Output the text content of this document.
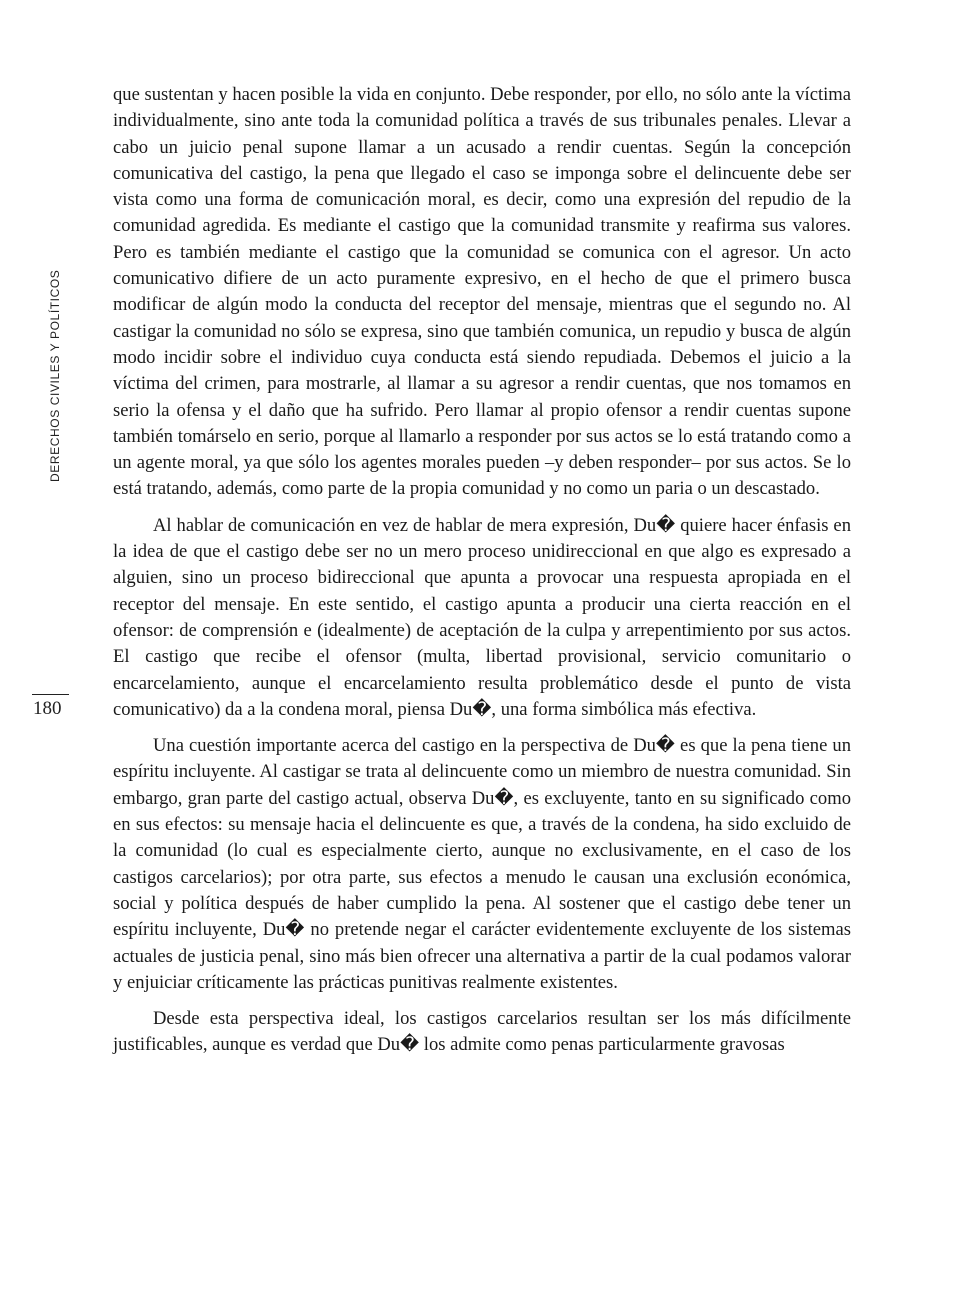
DERECHOS CIVILES Y POLÍTICOS
180

que sustentan y hacen posible la vida en conjunto. Debe responder, por ello, no sólo ante la víctima individualmente, sino ante toda la comunidad política a través de sus tribunales penales. Llevar a cabo un juicio penal supone llamar a un acusado a rendir cuentas. Según la concepción comunicativa del castigo, la pena que llegado el caso se imponga sobre el delincuente debe ser vista como una forma de comunicación moral, es decir, como una expresión del repudio de la comunidad agredida. Es mediante el castigo que la comunidad transmite y reafirma sus valores. Pero es también mediante el castigo que la comunidad se comunica con el agresor. Un acto comunicativo difiere de un acto puramente expresivo, en el hecho de que el primero busca modificar de algún modo la conducta del receptor del mensaje, mientras que el segundo no. Al castigar la comunidad no sólo se expresa, sino que también comunica, un repudio y busca de algún modo incidir sobre el individuo cuya conducta está siendo repudiada. Debemos el juicio a la víctima del crimen, para mostrarle, al llamar a su agresor a rendir cuentas, que nos tomamos en serio la ofensa y el daño que ha sufrido. Pero llamar al propio ofensor a rendir cuentas supone también tomárselo en serio, porque al llamarlo a responder por sus actos se lo está tratando como a un agente moral, ya que sólo los agentes morales pueden –y deben responder– por sus actos. Se lo está tratando, además, como parte de la propia comunidad y no como un paria o un descastado.

Al hablar de comunicación en vez de hablar de mera expresión, Du� quiere hacer énfasis en la idea de que el castigo debe ser no un mero proceso unidireccional en que algo es expresado a alguien, sino un proceso bidireccional que apunta a provocar una respuesta apropiada en el receptor del mensaje. En este sentido, el castigo apunta a producir una cierta reacción en el ofensor: de comprensión e (idealmente) de aceptación de la culpa y arrepentimiento por sus actos. El castigo que recibe el ofensor (multa, libertad provisional, servicio comunitario o encarcelamiento, aunque el encarcelamiento resulta problemático desde el punto de vista comunicativo) da a la condena moral, piensa Du�, una forma simbólica más efectiva.

Una cuestión importante acerca del castigo en la perspectiva de Du� es que la pena tiene un espíritu incluyente. Al castigar se trata al delincuente como un miembro de nuestra comunidad. Sin embargo, gran parte del castigo actual, observa Du�, es excluyente, tanto en su significado como en sus efectos: su mensaje hacia el delincuente es que, a través de la condena, ha sido excluido de la comunidad (lo cual es especialmente cierto, aunque no exclusivamente, en el caso de los castigos carcelarios); por otra parte, sus efectos a menudo le causan una exclusión económica, social y política después de haber cumplido la pena. Al sostener que el castigo debe tener un espíritu incluyente, Du� no pretende negar el carácter evidentemente excluyente de los sistemas actuales de justicia penal, sino más bien ofrecer una alternativa a partir de la cual podamos valorar y enjuiciar críticamente las prácticas punitivas realmente existentes.

Desde esta perspectiva ideal, los castigos carcelarios resultan ser los más difícilmente justificables, aunque es verdad que Du� los admite como penas particularmente gravosas
